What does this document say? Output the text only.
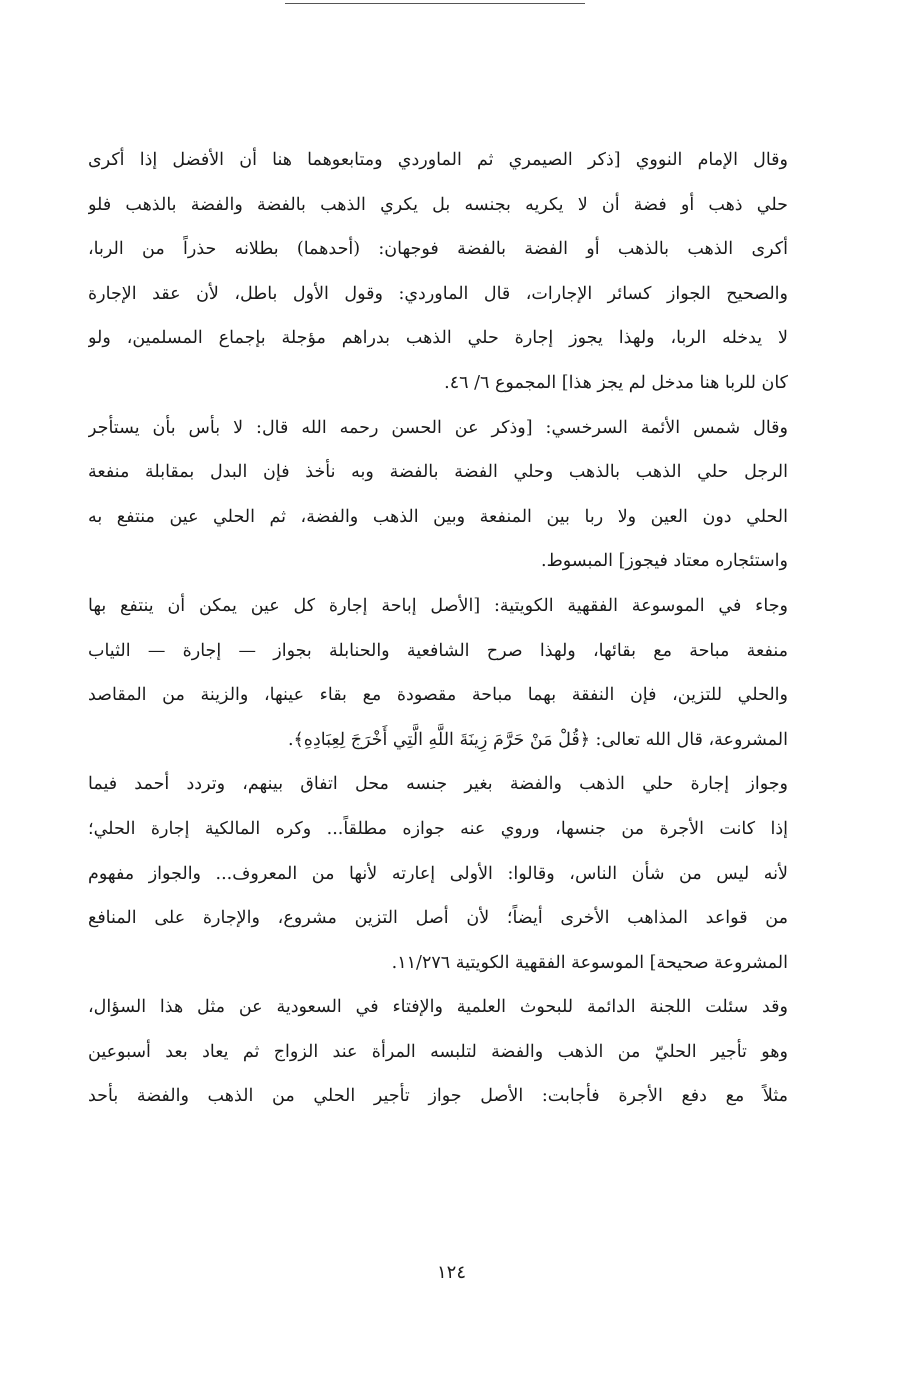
وقال الإمام النووي [ذكر الصيمري ثم الماوردي ومتابعوهما هنا أن الأفضل إذا أكرى
حلي ذهب أو فضة أن لا يكريه بجنسه بل يكري الذهب بالفضة والفضة بالذهب فلو
أكرى الذهب بالذهب أو الفضة بالفضة فوجهان: (أحدهما) بطلانه حذراً من الربا،
والصحيح الجواز كسائر الإجارات، قال الماوردي: وقول الأول باطل، لأن عقد الإجارة
لا يدخله الربا، ولهذا يجوز إجارة حلي الذهب بدراهم مؤجلة بإجماع المسلمين، ولو
كان للربا هنا مدخل لم يجز هذا] المجموع ٦/ ٤٦.
وقال شمس الأئمة السرخسي: [وذكر عن الحسن رحمه الله قال: لا بأس بأن يستأجر
الرجل حلي الذهب بالذهب وحلي الفضة بالفضة وبه نأخذ فإن البدل بمقابلة منفعة
الحلي دون العين ولا ربا بين المنفعة وبين الذهب والفضة، ثم الحلي عين منتفع به
واستئجاره معتاد فيجوز] المبسوط.
وجاء في الموسوعة الفقهية الكويتية: [الأصل إباحة إجارة كل عين يمكن أن ينتفع بها
منفعة مباحة مع بقائها، ولهذا صرح الشافعية والحنابلة بجواز — إجارة — الثياب
والحلي للتزين، فإن النفقة بهما مباحة مقصودة مع بقاء عينها، والزينة من المقاصد
المشروعة، قال الله تعالى: ﴿قُلْ مَنْ حَرَّمَ زِينَةَ اللَّهِ الَّتِي أَخْرَجَ لِعِبَادِهِ﴾.
وجواز إجارة حلي الذهب والفضة بغير جنسه محل اتفاق بينهم، وتردد أحمد فيما
إذا كانت الأجرة من جنسها، وروي عنه جوازه مطلقاً... وكره المالكية إجارة الحلي؛
لأنه ليس من شأن الناس، وقالوا: الأولى إعارته لأنها من المعروف... والجواز مفهوم
من قواعد المذاهب الأخرى أيضاً؛ لأن أصل التزين مشروع، والإجارة على المنافع
المشروعة صحيحة] الموسوعة الفقهية الكويتية ١١/٢٧٦.
وقد سئلت اللجنة الدائمة للبحوث العلمية والإفتاء في السعودية عن مثل هذا السؤال،
وهو تأجير الحليّ من الذهب والفضة لتلبسه المرأة عند الزواج ثم يعاد بعد أسبوعين
مثلاً مع دفع الأجرة فأجابت: الأصل جواز تأجير الحلي من الذهب والفضة بأحد
١٢٤
